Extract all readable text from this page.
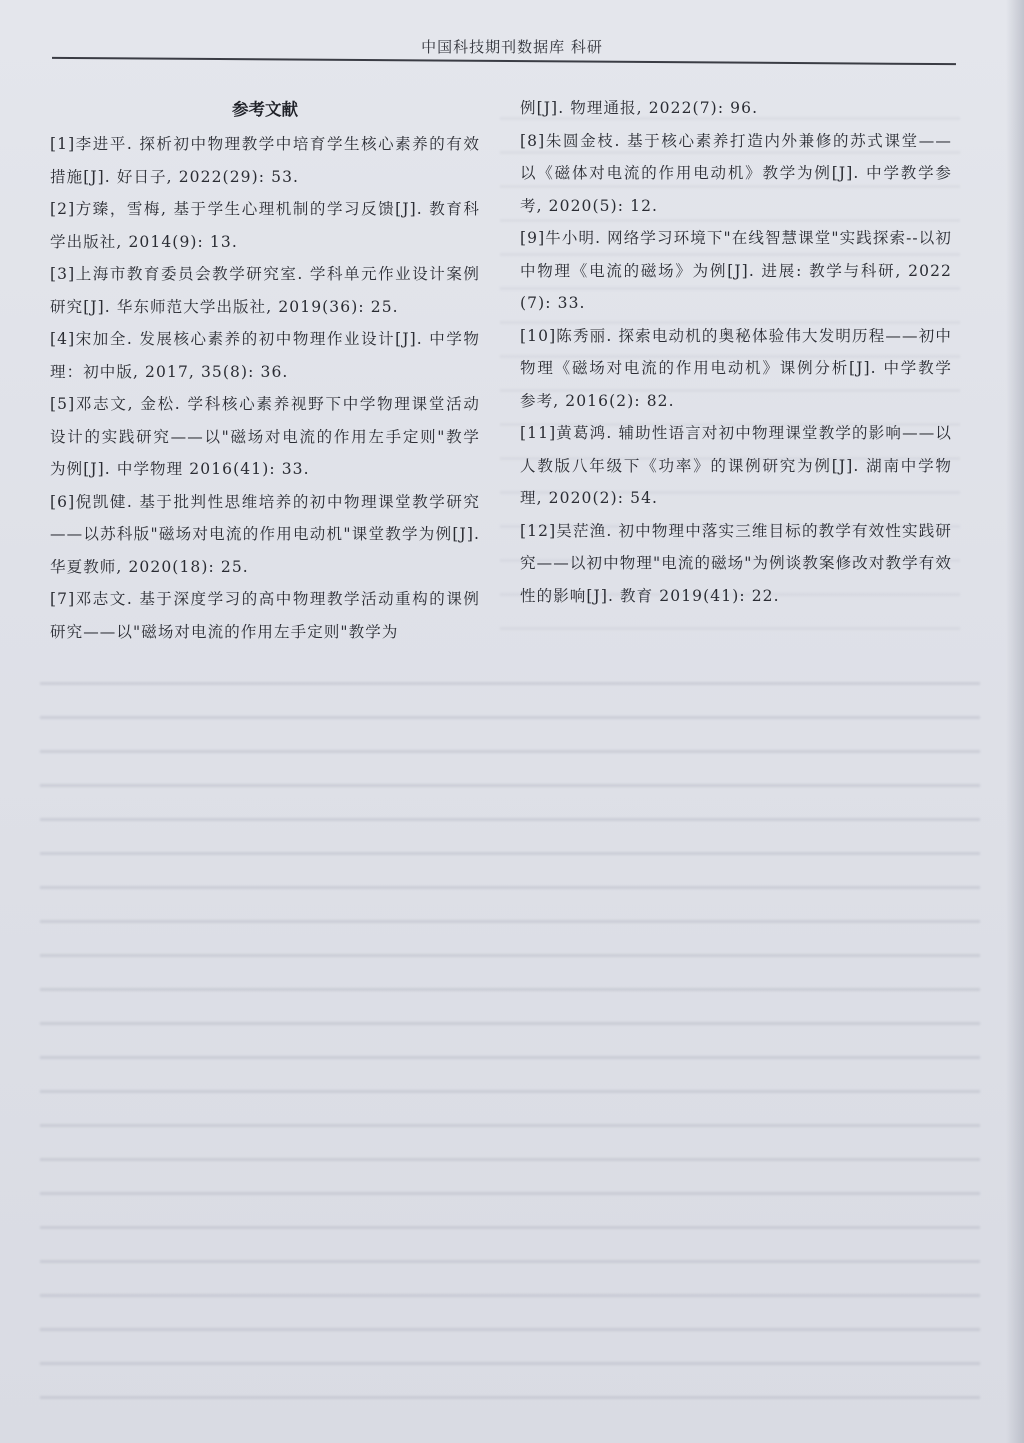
中国科技期刊数据库 科研

参考文献

[1]李进平. 探析初中物理教学中培育学生核心素养的有效措施[J]. 好日子, 2022(29): 53.

[2]方臻，雪梅, 基于学生心理机制的学习反馈[J]. 教育科学出版社, 2014(9): 13.

[3]上海市教育委员会教学研究室. 学科单元作业设计案例研究[J]. 华东师范大学出版社, 2019(36): 25.

[4]宋加全. 发展核心素养的初中物理作业设计[J]. 中学物理：初中版, 2017, 35(8): 36.

[5]邓志文, 金松. 学科核心素养视野下中学物理课堂活动设计的实践研究——以"磁场对电流的作用左手定则"教学为例[J]. 中学物理 2016(41): 33.

[6]倪凯健. 基于批判性思维培养的初中物理课堂教学研究——以苏科版"磁场对电流的作用电动机"课堂教学为例[J]. 华夏教师, 2020(18): 25.

[7]邓志文. 基于深度学习的高中物理教学活动重构的课例研究——以"磁场对电流的作用左手定则"教学为

例[J]. 物理通报, 2022(7): 96.

[8]朱圆金枝. 基于核心素养打造内外兼修的苏式课堂——以《磁体对电流的作用电动机》教学为例[J]. 中学教学参考, 2020(5): 12.

[9]牛小明. 网络学习环境下"在线智慧课堂"实践探索--以初中物理《电流的磁场》为例[J]. 进展: 教学与科研, 2022(7): 33.

[10]陈秀丽. 探索电动机的奥秘体验伟大发明历程——初中物理《磁场对电流的作用电动机》课例分析[J]. 中学教学参考, 2016(2): 82.

[11]黄葛鸿. 辅助性语言对初中物理课堂教学的影响——以人教版八年级下《功率》的课例研究为例[J]. 湖南中学物理, 2020(2): 54.

[12]吴茫渔. 初中物理中落实三维目标的教学有效性实践研究——以初中物理"电流的磁场"为例谈教案修改对教学有效性的影响[J]. 教育 2019(41): 22.
